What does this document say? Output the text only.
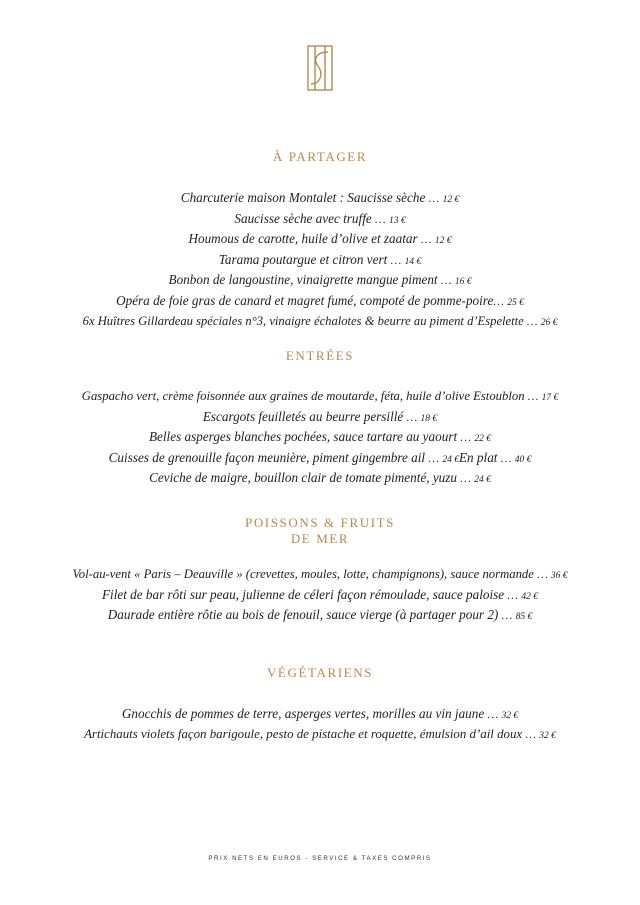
À PARTAGER
Charcuterie maison Montalet : Saucisse sèche … 12 €
Saucisse sèche avec truffe … 13 €
Houmous de carotte, huile d’olive et zaatar … 12 €
Tarama poutargue et citron vert … 14 €
Bonbon de langoustine, vinaigrette mangue piment … 16 €
Opéra de foie gras de canard et magret fumé, compoté de pomme-poire… 25 €
6x Huîtres Gillardeau spéciales n°3, vinaigre échalotes & beurre au piment d’Espelette … 26 €
ENTRÉES
Gaspacho vert, crème foisonnée aux graines de moutarde, féta, huile d’olive Estoublon … 17 €
Escargots feuilletés au beurre persillé … 18 €
Belles asperges blanches pochées, sauce tartare au yaourt … 22 €
Cuisses de grenouille façon meunière, piment gingembre ail … 24 €En plat … 40 €
Ceviche de maigre, bouillon clair de tomate pimenté, yuzu … 24 €
POISSONS & FRUITS
DE MER
Vol-au-vent « Paris – Deauville » (crevettes, moules, lotte, champignons), sauce normande … 36 €
Filet de bar rôti sur peau, julienne de céleri façon rémoulade, sauce paloise … 42 €
Daurade entière rôtie au bois de fenouil, sauce vierge (à partager pour 2) … 85 €
VÉGÉTARIENS
Gnocchis de pommes de terre, asperges vertes, morilles au vin jaune … 32 €
Artichauts violets façon barigoule, pesto de pistache et roquette, émulsion d’ail doux … 32 €
PRIX NETS EN EUROS - SERVICE & TAXES COMPRIS
